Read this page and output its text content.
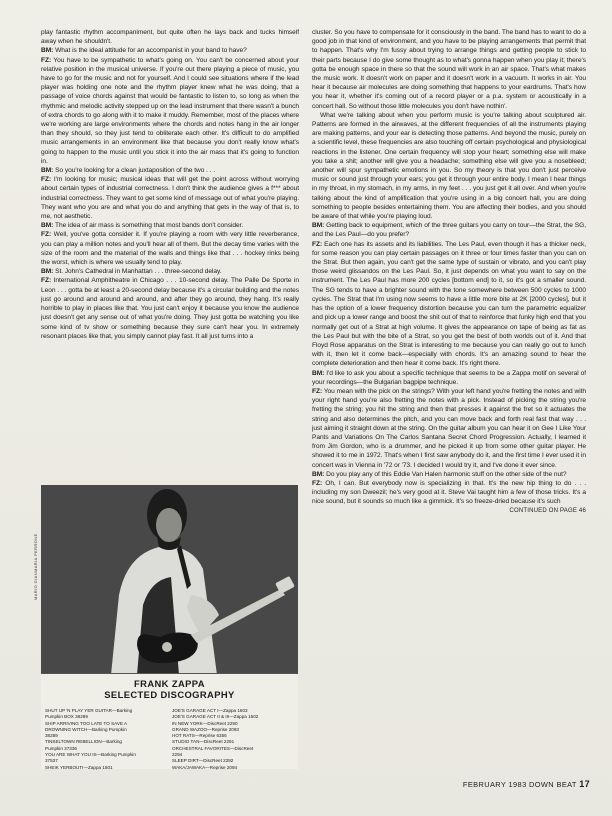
play fantastic rhythm accompaniment, but quite often he lays back and tucks himself away when he shouldn't.

BM: What is the ideal attitude for an accompanist in your band to have?

FZ: You have to be sympathetic to what's going on. You can't be concerned about your relative position in the musical universe. If you're out there playing a piece of music, you have to go for the music and not for yourself. And I could see situations where if the lead player was holding one note and the rhythm player knew what he was doing, that a passage of voice chords against that would be fantastic to listen to, so long as when the rhythmic and melodic activity stepped up on the lead instrument that there wasn't a bunch of extra chords to go along with it to make it muddy. Remember, most of the places where we're working are large environments where the chords and notes hang in the air longer than they should, so they just tend to obliterate each other. It's difficult to do amplified music arrangements in an environment like that because you don't really know what's going to happen to the music until you stick it into the air mass that it's going to function in.

BM: So you're looking for a clean juxtaposition of the two . . .

FZ: I'm looking for music; musical ideas that will get the point across without worrying about certain types of industrial correctness. I don't think the audience gives a f*** about industrial correctness. They want to get some kind of message out of what you're playing. They want who you are and what you do and anything that gets in the way of that is, to me, not aesthetic.

BM: The idea of air mass is something that most bands don't consider.

FZ: Well, you've gotta consider it. If you're playing a room with very little reverberance, you can play a million notes and you'll hear all of them. But the decay time varies with the size of the room and the material of the walls and things like that . . . hockey rinks being the worst, which is where we usually tend to play.

BM: St. John's Cathedral in Manhattan . . . three-second delay.

FZ: International Amphitheatre in Chicago . . . 10-second delay. The Palle De Sporte in Leon . . . gotta be at least a 20-second delay because it's a circular building and the notes just go around and around and around, and after they go around, they hang. It's really horrible to play in places like that. You just can't enjoy it because you know the audience just doesn't get any sense out of what you're doing. They just gotta be watching you like some kind of tv show or something because they sure can't hear you. In extremely resonant places like that, you simply cannot play fast. It all just turns into a

MARIO GIANMARIA PERRONE
FRANK ZAPPA
SELECTED DISCOGRAPHY
SHUT UP 'N PLAY YER GUITAR—Barking
Pumpkin BOX 38289
SHIP ARRIVING TOO LATE TO SAVE A
DROWNING WITCH—Barking Pumpkin
38289
TINSELTOWN REBELLION—Barking
Pumpkin 37336
YOU ARE WHAT YOU IS—Barking Pumpkin
37537
SHEIK YERBOUTI—Zappa 1501
JOE'S GARAGE ACT I—Zappa 1603
JOE'S GARAGE ACT II & III—Zappa 1502
IN NEW YORK—DiscReet 2290
GRAND WAZOO—Reprise 2093
HOT RATS—Reprise 6356
STUDIO TAN—DiscReet 2291
ORCHESTRAL FAVORITES—DiscReet
2294
SLEEP DIRT—DiscReet 2292
WAKA/JAWAKA—Reprise 2094

cluster. So you have to compensate for it consciously in the band. The band has to want to do a good job in that kind of environment, and you have to be playing arrangements that permit that to happen. That's why I'm fussy about trying to arrange things and getting people to stick to their parts because I do give some thought as to what's gonna happen when you play it; there's gotta be enough space in there so that the sound will work in an air space. That's what makes the music work. It doesn't work on paper and it doesn't work in a vacuum. It works in air. You hear it because air molecules are doing something that happens to your eardrums. That's how you hear it, whether it's coming out of a record player or a p.a. system or acoustically in a concert hall. So without those little molecules you don't have nothin'.

What we're talking about when you perform music is you're talking about sculptured air. Patterns are formed in the airwaves, at the different frequencies of all the instruments playing are making patterns, and your ear is detecting those patterns. And beyond the music, purely on a scientific level, these frequencies are also touching off certain psychological and physiological reactions in the listener. One certain frequency will stop your heart; something else will make you take a shit; another will give you a headache; something else will give you a nosebleed; another will spur sympathetic emotions in you. So my theory is that you don't just perceive music or sound just through your ears; you get it through your entire body. I mean I hear things in my throat, in my stomach, in my arms, in my feet . . . you just get it all over. And when you're talking about the kind of amplification that you're using in a big concert hall, you are doing something to people besides entertaining them. You are affecting their bodies, and you should be aware of that while you're playing loud.

BM: Getting back to equipment, which of the three guitars you carry on tour—the Strat, the SG, and the Les Paul—do you prefer?

FZ: Each one has its assets and its liabilities. The Les Paul, even though it has a thicker neck, for some reason you can play certain passages on it three or four times faster than you can on the Strat. But then again, you can't get the same type of sustain or vibrato, and you can't play those weird glissandos on the Les Paul. So, it just depends on what you want to say on the instrument. The Les Paul has more 200 cycles [bottom end] to it, so it's got a smaller sound. The SG tends to have a brighter sound with the tone somewhere between 500 cycles to 1000 cycles. The Strat that I'm using now seems to have a little more bite at 2K [2000 cycles], but it has the option of a lower frequency distortion because you can turn the parametric equalizer and pick up a lower range and boost the shit out of that to reinforce that funky high end that you normally get out of a Strat at high volume. It gives the appearance on tape of being as fat as the Les Paul but with the bite of a Strat, so you get the best of both worlds out of it. And that Floyd Rose apparatus on the Strat is interesting to me because you can really go out to lunch with it, then let it come back—especially with chords. It's an amazing sound to hear the complete deterioration and then hear it come back. It's right there.

BM: I'd like to ask you about a specific technique that seems to be a Zappa motif on several of your recordings—the Bulgarian bagpipe technique.

FZ: You mean with the pick on the strings? With your left hand you're fretting the notes and with your right hand you're also fretting the notes with a pick. Instead of picking the string you're fretting the string; you hit the string and then that presses it against the fret so it actuates the string and also determines the pitch, and you can move back and forth real fast that way . . . just aiming it straight down at the string. On the guitar album you can hear it on Gee I Like Your Pants and Variations On The Carlos Santana Secret Chord Progression. Actually, I learned it from Jim Gordon, who is a drummer, and he picked it up from some other guitar player. He showed it to me in 1972. That's when I first saw anybody do it, and the first time I ever used it in concert was in Vienna in '72 or '73. I decided I would try it, and I've done it ever since.

BM: Do you play any of this Eddie Van Halen harmonic stuff on the other side of the nut?

FZ: Oh, I can. But everybody now is specializing in that. It's the new hip thing to do . . . including my son Dweezil; he's very good at it. Steve Vai taught him a few of those tricks. It's a nice sound, but it sounds so much like a gimmick. It's so freeze-dried because it's such

CONTINUED ON PAGE 46
FEBRUARY 1983 DOWN BEAT 17
